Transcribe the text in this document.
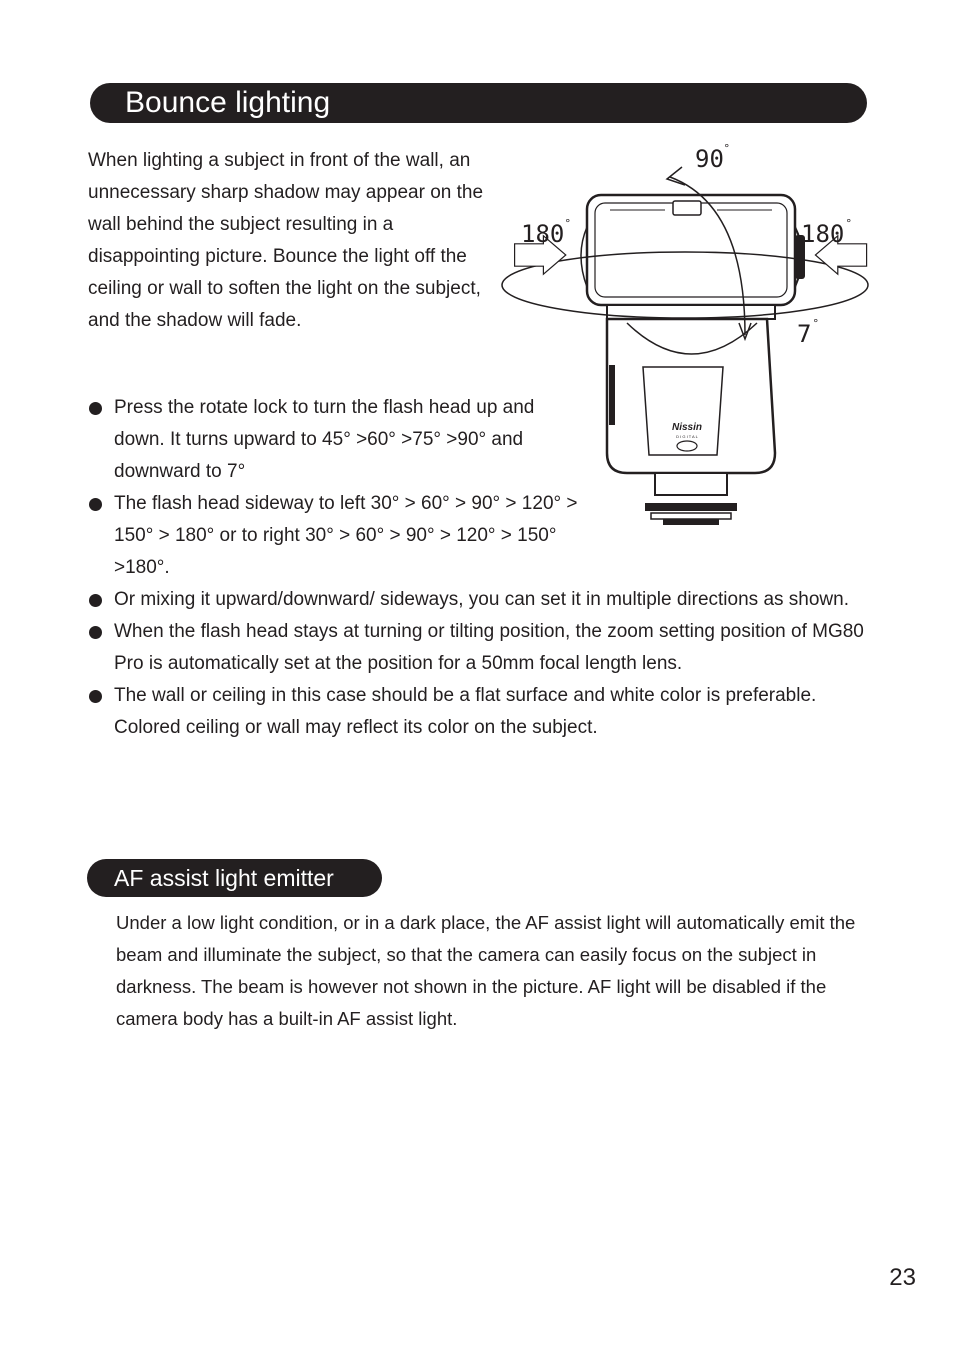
Bounce lighting

When lighting a subject in front of the wall, an unnecessary sharp shadow may appear on the wall behind the subject resulting in a disappointing picture. Bounce the light off the ceiling or wall to soften the light on the subject, and the shadow will fade.

Nissin
D I G I T A L
90 °
180 °	180 °
7 °
Press the rotate lock to turn the flash head up and down. It turns upward to 45° >60° >75° >90° and downward to 7°
The flash head sideway to left 30° > 60° > 90° > 120° > 150° > 180° or to right 30° > 60° > 90° > 120° > 150° >180°.
Or mixing it upward/downward/ sideways, you can set it in multiple directions as shown.
When the flash head stays at turning or tilting position, the zoom setting position of MG80 Pro is automatically set at the position for a 50mm focal length lens.
The wall or ceiling in this case should be a flat surface and white color is preferable. Colored ceiling or wall may reflect its color on the subject.
AF assist light emitter

Under a low light condition, or in a dark place, the AF assist light will automatically emit the beam and illuminate the subject, so that the camera can easily focus on the subject in darkness. The beam is however not shown in the picture. AF light will be disabled if the camera body has a built-in AF assist light.

23
